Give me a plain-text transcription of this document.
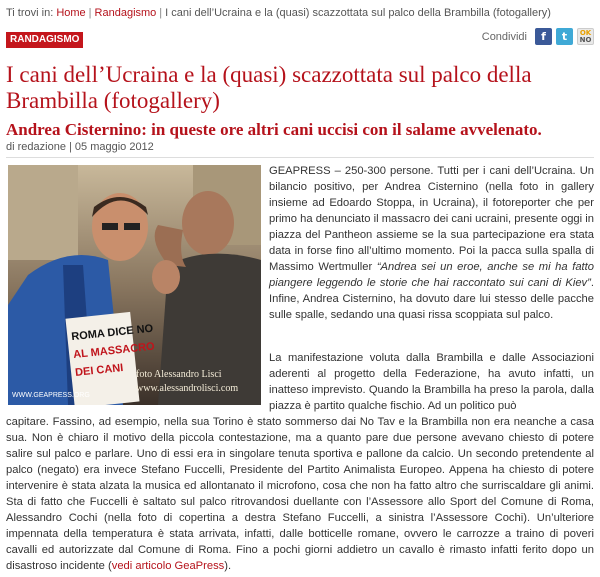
Ti trovi in: Home | Randagismo | I cani dell’Ucraina e la (quasi) scazzottata sul palco della Brambilla (fotogallery)
RANDAGISMO	Condividi	f	t	OK
NO
I cani dell’Ucraina e la (quasi) scazzottata sul palco della Brambilla (fotogallery)
Andrea Cisternino: in queste ore altri cani uccisi con il salame avvelenato.
di redazione | 05 maggio 2012
ROMA DICE NO
AL MASSACRO
DEI CANI foto Alessandro Lisci
www.alessandrolisci.com
WWW.GEAPRESS.ORG

GEAPRESS – 250-300 persone. Tutti per i cani dell’Ucraina. Un bilancio positivo, per Andrea Cisternino (nella foto in gallery insieme ad Edoardo Stoppa, in Ucraina), il fotoreporter che per primo ha denunciato il massacro dei cani ucraini, presente oggi in piazza del Pantheon assieme se la sua partecipazione era stata data in forse fino all’ultimo momento. Poi la pacca sulla spalla di Massimo Wertmuller “Andrea sei un eroe, anche se mi ha fatto piangere leggendo le storie che hai raccontato sui cani di Kiev”. Infine, Andrea Cisternino, ha dovuto dare lui stesso delle pacche sulle spalle, sedando una quasi rissa scoppiata sul palco.

La manifestazione voluta dalla Brambilla e dalle Associazioni aderenti al progetto della Federazione, ha avuto infatti, un inatteso imprevisto. Quando la Brambilla ha preso la parola, dalla piazza è partito qualche fischio. Ad un politico può

capitare. Fassino, ad esempio, nella sua Torino è stato sommerso dai No Tav e la Brambilla non era neanche a casa sua. Non è chiaro il motivo della piccola contestazione, ma a quanto pare due persone avevano chiesto di potere salire sul palco e parlare. Uno di essi era in singolare tenuta sportiva e pallone da calcio. Un secondo pretendente al palco (negato) era invece Stefano Fuccelli, Presidente del Partito Animalista Europeo. Appena ha chiesto di potere intervenire è stata alzata la musica ed allontanato il microfono, cosa che non ha fatto altro che surriscaldare gli animi. Sta di fatto che Fuccelli è saltato sul palco ritrovandosi duellante con l’Assessore allo Sport del Comune di Roma, Alessandro Cochi (nella foto di copertina a destra Stefano Fuccelli, a sinistra l’Assessore Cochi). Un’ulteriore impennata della temperatura è stata arrivata, infatti, dalle botticelle romane, ovvero le carrozze a traino di poveri cavalli ed autorizzate dal Comune di Roma. Fino a pochi giorni addietro un cavallo è rimasto infatti ferito dopo un disastroso incidente (vedi articolo GeaPress).
